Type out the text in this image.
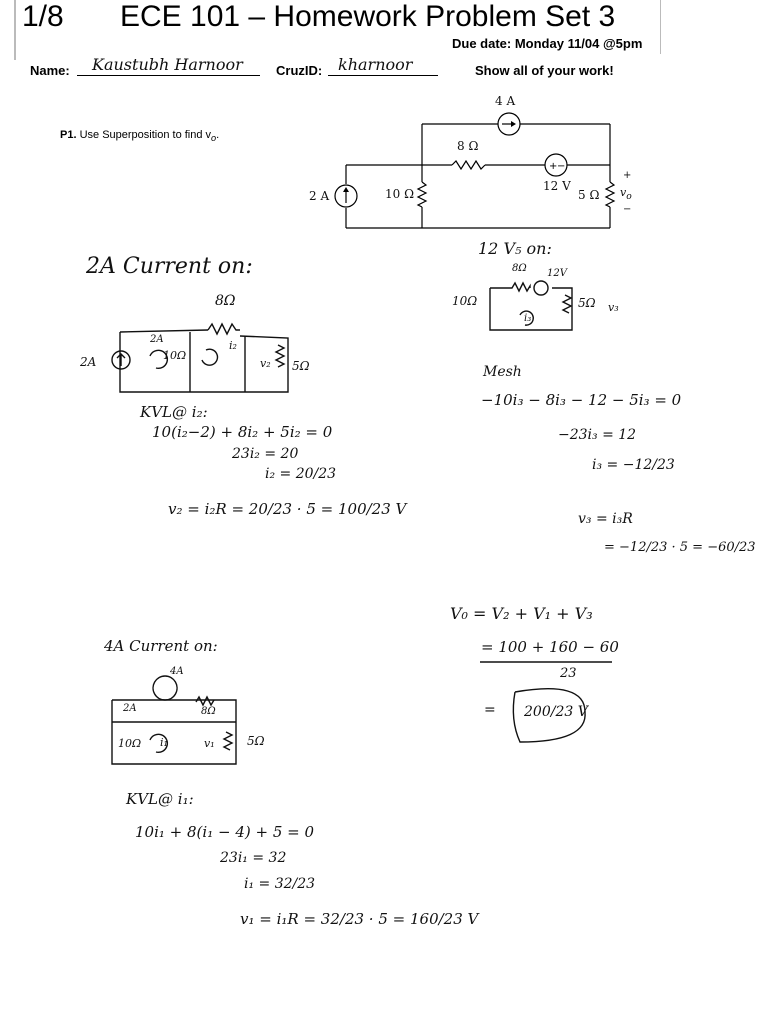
1/8 ECE 101 – Homework Problem Set 3
Due date: Monday 11/04 @5pm
Name: Kaustubh Harnoor	CruzID: kharnoor	Show all of your work!
P1. Use Superposition to find $v_o$.
+ −
4 A
8 Ω
2 A	10 Ω
12 V
5 Ω
+
$v_o$
−
2A Current on:
8Ω
2A
2A	10Ω
i₂
v₂ 5Ω
KVL@ i₂:
10(i₂−2) + 8i₂ + 5i₂ = 0
23i₂ = 20
i₂ = 20/23
v₂ = i₂R = 20/23 · 5 = 100/23 V
12 V₅ on:
8Ω 12V
10Ω
i₃
5Ω v₃
Mesh
−10i₃ − 8i₃ − 12 − 5i₃ = 0
−23i₃ = 12
i₃ = −12/23
v₃ = i₃R
= −12/23 · 5 = −60/23
V₀ = V₂ + V₁ + V₃
= 100 + 160 − 60
23
= 200/23 V
4A Current on:
4A
2A	8Ω
10Ω i₁	v₁	5Ω
KVL@ i₁:
10i₁ + 8(i₁ − 4) + 5 = 0
23i₁ = 32
i₁ = 32/23
v₁ = i₁R = 32/23 · 5 = 160/23 V
